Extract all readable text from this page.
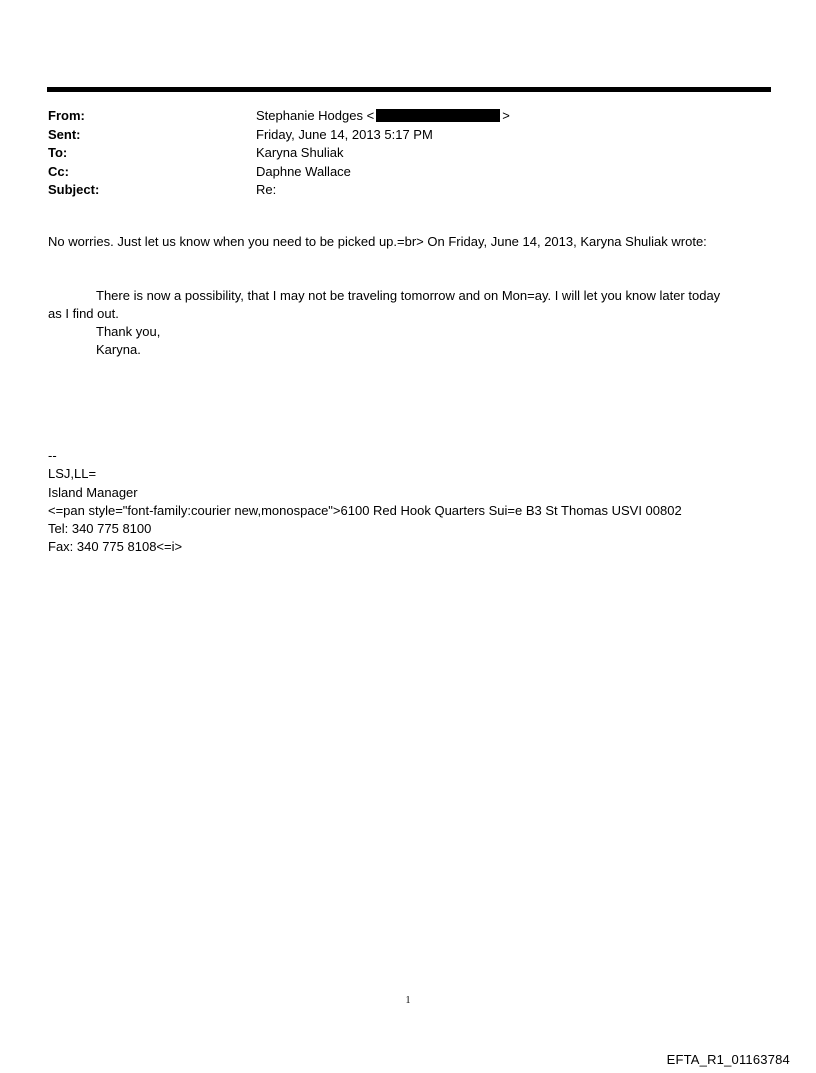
From:	Stephanie Hodges <	>
Sent:	Friday, June 14, 2013 5:17 PM
To:	Karyna Shuliak
Cc:	Daphne Wallace
Subject:	Re:
No worries. Just let us know when you need to be picked up.=br> On Friday, June 14, 2013, Karyna Shuliak wrote:
There is now a possibility, that I may not be traveling tomorrow and on Mon=ay. I will let you know later today
as I find out.
Thank you,
Karyna.
--
LSJ,LL=
Island Manager
<=pan style="font-family:courier new,monospace">6100 Red Hook Quarters Sui=e B3 St Thomas USVI 00802
Tel: 340 775 8100
Fax: 340 775 8108<=i>
1
EFTA_R1_01163784
